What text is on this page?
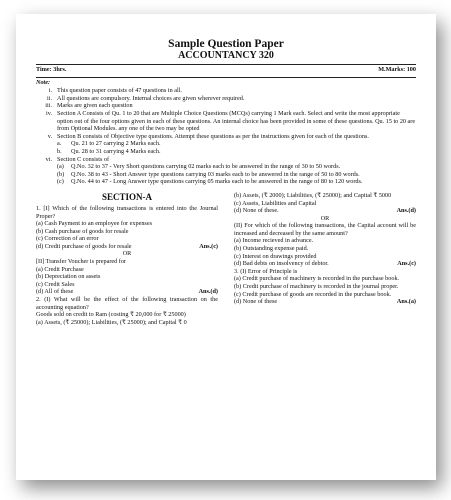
Sample Question Paper
ACCOUNTANCY 320
Time: 3hrs.	M.Marks: 100
Note:
i. This question paper consists of 47 questions in all.
ii. All questions are compulsory. Internal choices are given wherever required.
iii. Marks are given each question
iv. Section A Consists of Qu. 1 to 20 that are Multiple Choice Questions (MCQs) carrying 1 Mark each. Select and write the most appropriate option out of the four options given in each of these questions. An internal choice has been provided in some of these questions. Qu. 15 to 20 are from Optional Modules. any one of the two may be opted
v. Section B consists of Objective type questions. Attempt these questions as per the instructions given for each of the questions.
a.	Qu. 21 to 27 carrying 2 Marks each.
b.	Qu. 28 to 31 carrying 4 Marks each.
vi. Section C consists of
(a)	Q.No. 32 to 37 - Very Short questions carrying 02 marks each to be answered in the range of 30 to 50 words.
(b)	Q.No. 38 to 43 - Short Answer type questions carrying 03 marks each to be answered in the range of 50 to 80 words.
(c)	Q.No. 44 to 47 - Long Answer type questions carrying 05 marks each to be answered in the range of 80 to 120 words.
SECTION-A
1. [I] Which of the following transactions is entered into the Journal Proper?
(a) Cash Payment to an employee for expenses
(b) Cash purchase of goods for resale
(c) Correction of an error
(d) Credit purchase of goods for resale	Ans.(c)
OR
[II] Transfer Voucher is prepared for
(a) Credit Purchase
(b) Depreciation on assets
(c) Credit Sales
(d) All of these	Ans.(d)
2. (I) What will be the effect of the following transaction on the accounting equation?
Goods sold on credit to Ram (costing ₹ 20,000 for ₹ 25000)
(a) Assets, (₹ 25000); Liabilities, (₹ 25000); and Capital ₹ 0
(b) Assets, (₹ 2000); Liabilities, (₹ 25000); and Capital ₹ 5000
(c) Assets, Liabilities and Capital
(d) None of these.	Ans.(d)
OR
(II) For which of the following transactions, the Capital account will be increased and decreased by the same amount?
(a) Income recieved in advance.
(b) Outstanding expense paid.
(c) Interest on drawings provided
(d) Bad debts on insolvency of debtor.	Ans.(c)
3. (I) Error of Principle is
(a) Credit purchase of machinery is recorded in the purchase book.
(b) Credit purchase of machinery is recorded in the journal proper.
(c) Credit purchase of goods are recorded in the purchase book.
(d) None of these	Ans.(a)
